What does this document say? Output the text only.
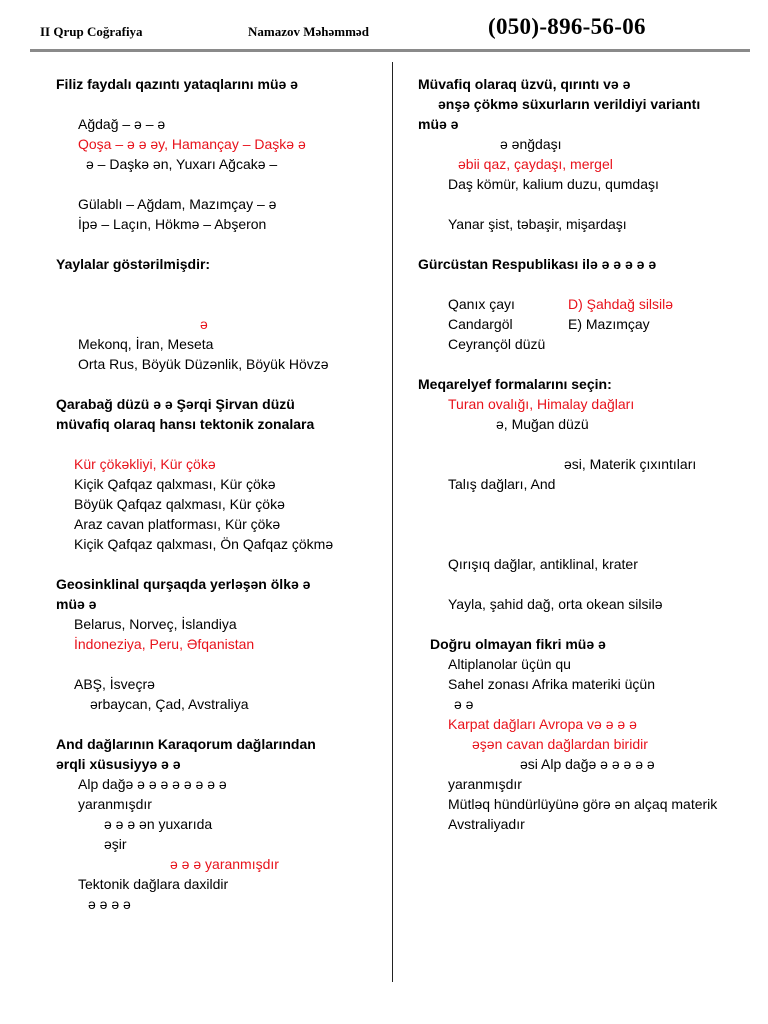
II Qrup Coğrafiya	Namazov Məhəmməd	(050)-896-56-06
Filiz faydalı qazıntı yataqlarını müə ə
Ağdağ – ə – ə
Qoşa – ə ə əy, Hamançay – Daşkə ə
ə – Daşkə ən, Yuxarı Ağcakə –
Gülablı – Ağdam, Mazımçay – ə
İpə – Laçın, Hökmə – Abşeron
Yaylalar göstərilmişdir:
ə
Mekonq, İran, Meseta
Orta Rus, Böyük Düzənlik, Böyük Hövzə
Qarabağ düzü ə ə Şərqi Şirvan düzü
müvafiq olaraq hansı tektonik zonalara
Kür çökəkliyi, Kür çökə
Kiçik Qafqaz qalxması, Kür çökə
Böyük Qafqaz qalxması, Kür çökə
Araz cavan platforması, Kür çökə
Kiçik Qafqaz qalxması, Ön Qafqaz çökmə
Geosinklinal qurşaqda yerləşən ölkə ə
müə ə
Belarus, Norveç, İslandiya
İndoneziya, Peru, Əfqanistan
ABŞ, İsveçrə
ərbaycan, Çad, Avstraliya
And dağlarının Karaqorum dağlarından
ərqli xüsusiyyə ə ə
Alp dağə ə ə ə ə ə ə ə ə
yaranmışdır
ə ə ə ən yuxarıda
əşir
ə ə ə yaranmışdır
Tektonik dağlara daxildir
ə ə ə ə
Müvafiq olaraq üzvü, qırıntı və ə
ənşə çökmə süxurların verildiyi variantı
müə ə
ə ənğdaşı
əbii qaz, çaydaşı, mergel
Daş kömür, kalium duzu, qumdaşı
Yanar şist, təbaşir, mişardaşı
Gürcüstan Respublikası ilə ə ə ə ə ə
Qanıx çayı	D) Şahdağ silsilə
Candargöl	E) Mazımçay
Ceyrançöl düzü
Meqarelyef formalarını seçin:
Turan ovalığı, Himalay dağları
ə, Muğan düzü
əsi, Materik çıxıntıları
Talış dağları, And
Qırışıq dağlar, antiklinal, krater
Yayla, şahid dağ, orta okean silsilə
Doğru olmayan fikri müə ə
Altiplanolar üçün qu
Sahel zonası Afrika materiki üçün
ə ə
Karpat dağları Avropa və ə ə ə
əşən cavan dağlardan biridir
əsi Alp dağə ə ə ə ə ə
yaranmışdır
Mütləq hündürlüyünə görə ən alçaq materik
Avstraliyadır
